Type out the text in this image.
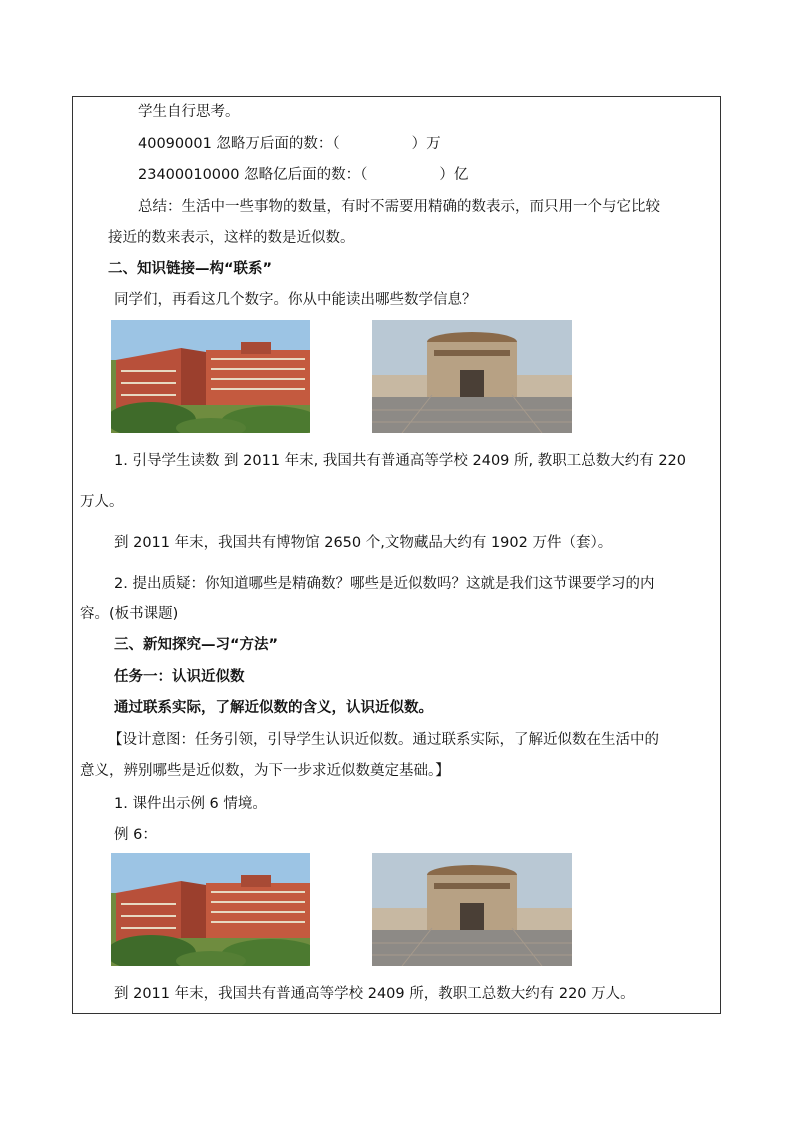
学生自行思考。
40090001 忽略万后面的数：（	）万
23400010000 忽略亿后面的数：（	）亿
总结：生活中一些事物的数量，有时不需要用精确的数表示，而只用一个与它比较
接近的数来表示，这样的数是近似数。
二、知识链接—构“联系”
同学们，再看这几个数字。你从中能读出哪些数学信息？
1. 引导学生读数 到 2011 年末, 我国共有普通高等学校 2409 所, 教职工总数大约有 220
万人。
到 2011 年末，我国共有博物馆 2650 个,文物藏品大约有 1902 万件（套）。
2. 提出质疑：你知道哪些是精确数？哪些是近似数吗？这就是我们这节课要学习的内
容。(板书课题)
三、新知探究—习“方法”
任务一：认识近似数
通过联系实际，了解近似数的含义，认识近似数。
【设计意图：任务引领，引导学生认识近似数。通过联系实际，了解近似数在生活中的
意义，辨别哪些是近似数，为下一步求近似数奠定基础。】
1. 课件出示例 6 情境。
例 6：
到 2011 年末，我国共有普通高等学校 2409 所，教职工总数大约有 220 万人。
